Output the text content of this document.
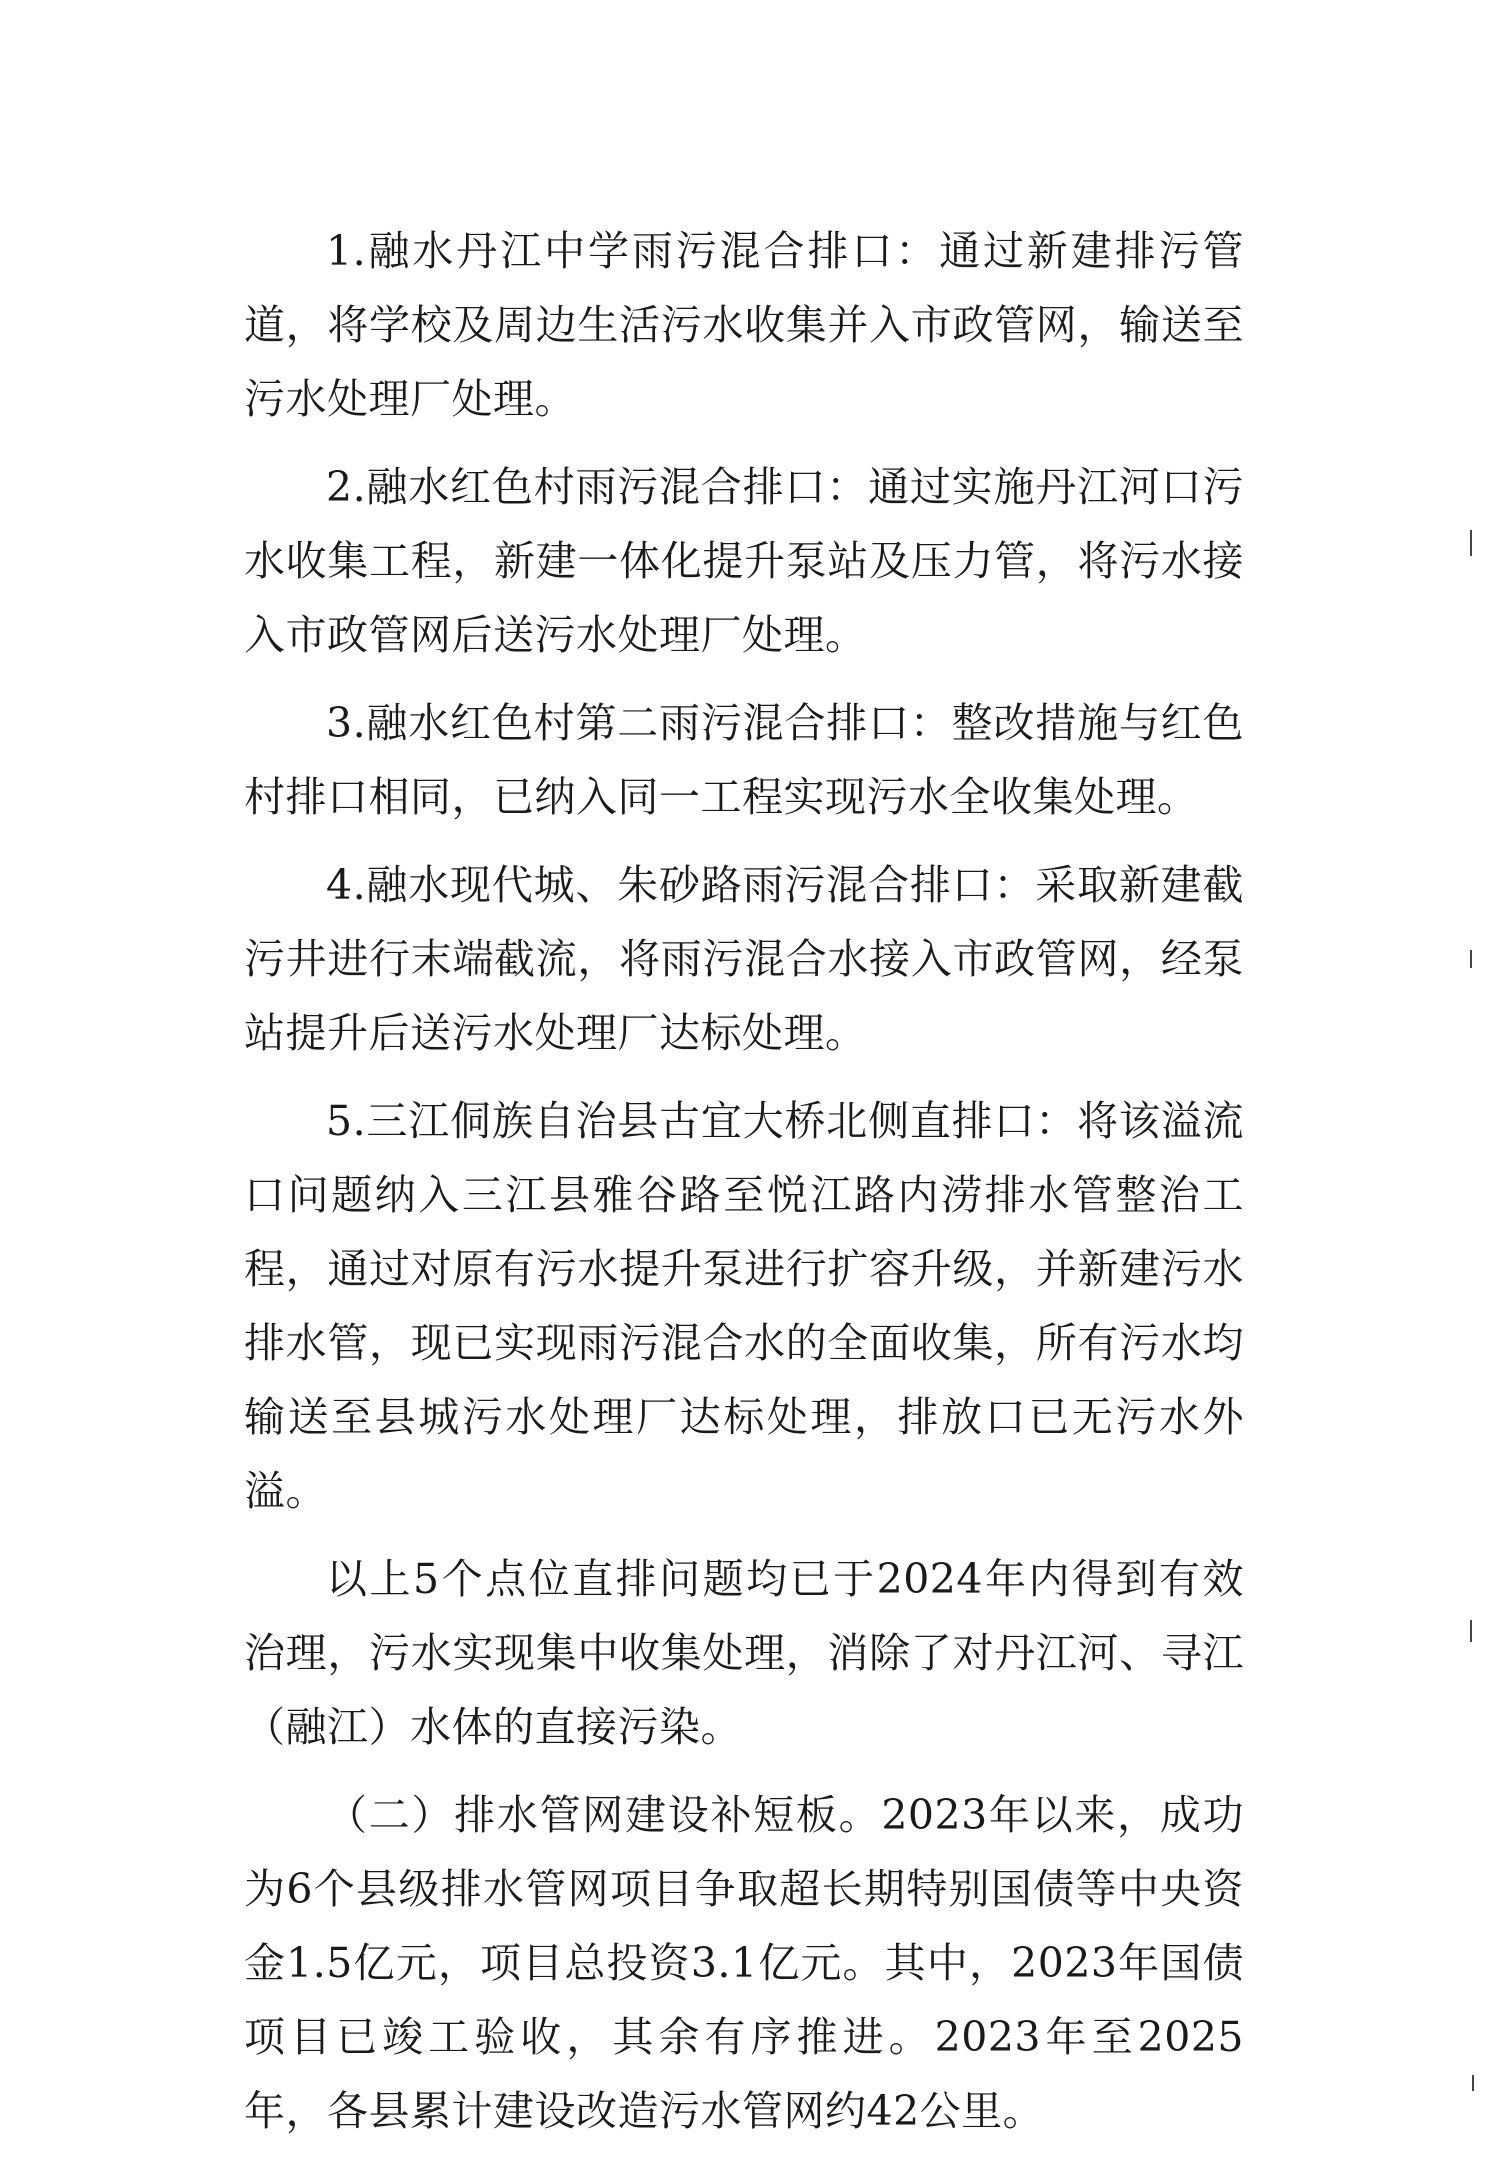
1.融水丹江中学雨污混合排口：通过新建排污管道，将学校及周边生活污水收集并入市政管网，输送至污水处理厂处理。

2.融水红色村雨污混合排口：通过实施丹江河口污水收集工程，新建一体化提升泵站及压力管，将污水接入市政管网后送污水处理厂处理。

3.融水红色村第二雨污混合排口：整改措施与红色村排口相同，已纳入同一工程实现污水全收集处理。

4.融水现代城、朱砂路雨污混合排口：采取新建截污井进行末端截流，将雨污混合水接入市政管网，经泵站提升后送污水处理厂达标处理。

5.三江侗族自治县古宜大桥北侧直排口：将该溢流口问题纳入三江县雅谷路至悦江路内涝排水管整治工程，通过对原有污水提升泵进行扩容升级，并新建污水排水管，现已实现雨污混合水的全面收集，所有污水均输送至县城污水处理厂达标处理，排放口已无污水外溢。

以上5个点位直排问题均已于2024年内得到有效治理，污水实现集中收集处理，消除了对丹江河、寻江（融江）水体的直接污染。

（二）排水管网建设补短板。2023年以来，成功为6个县级排水管网项目争取超长期特别国债等中央资金1.5亿元，项目总投资3.1亿元。其中，2023年国债项目已竣工验收，其余有序推进。2023年至2025年，各县累计建设改造污水管网约42公里。
